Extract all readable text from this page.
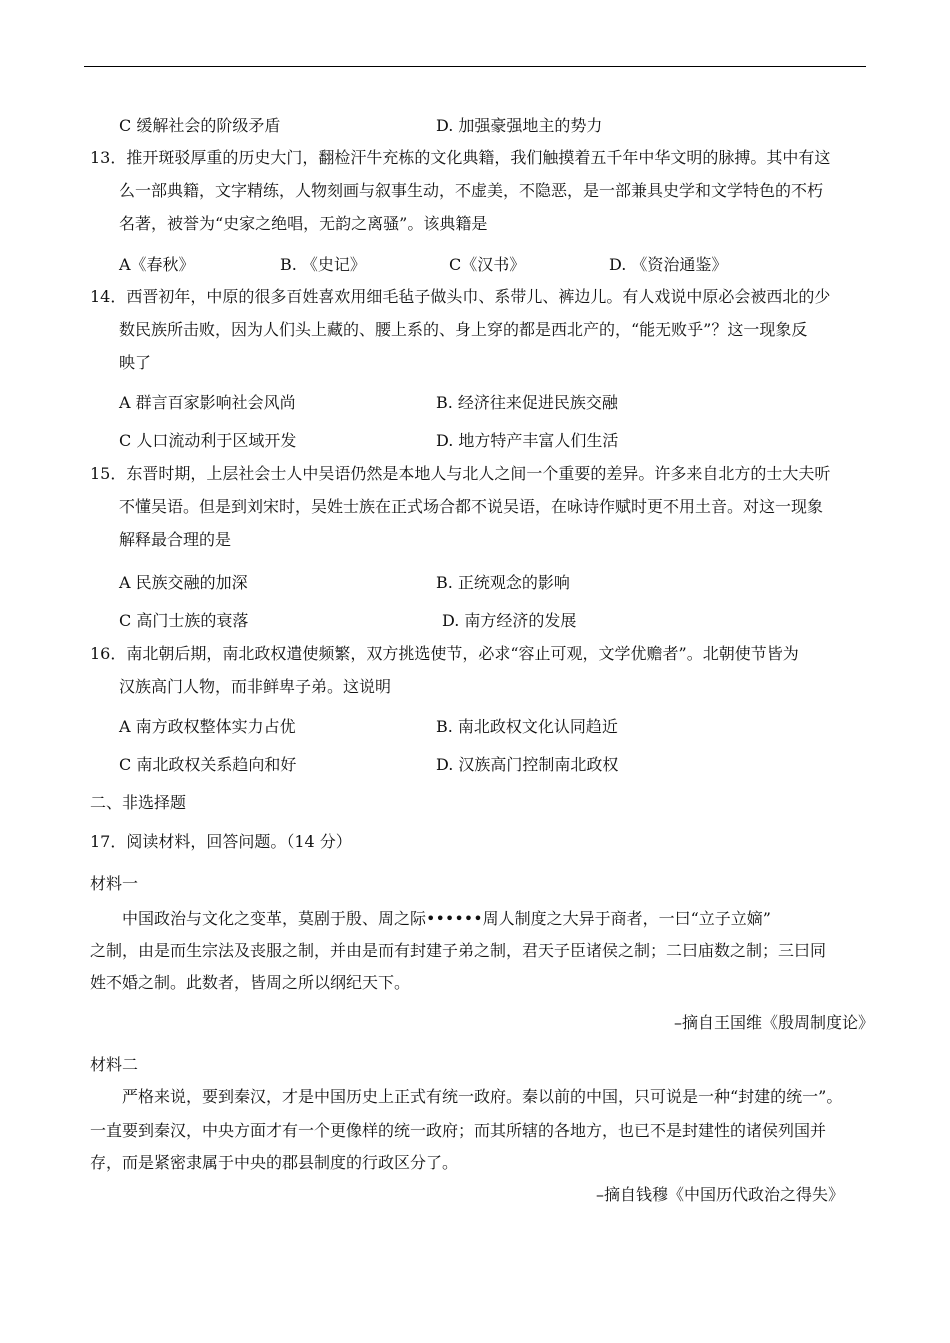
C 缓解社会的阶级矛盾	D. 加强豪强地主的势力
13．推开斑驳厚重的历史大门，翻检汗牛充栋的文化典籍，我们触摸着五千年中华文明的脉搏。其中有这
么一部典籍，文字精练，人物刻画与叙事生动，不虚美，不隐恶，是一部兼具史学和文学特色的不朽
名著，被誉为“史家之绝唱，无韵之离骚”。该典籍是
A《春秋》	B. 《史记》	C《汉书》	D. 《资治通鉴》
14．西晋初年，中原的很多百姓喜欢用细毛毡子做头巾、系带儿、裤边儿。有人戏说中原必会被西北的少
数民族所击败，因为人们头上藏的、腰上系的、身上穿的都是西北产的，“能无败乎”？这一现象反
映了
A 群言百家影响社会风尚	B. 经济往来促进民族交融
C 人口流动利于区域开发	D. 地方特产丰富人们生活
15．东晋时期，上层社会士人中吴语仍然是本地人与北人之间一个重要的差异。许多来自北方的士大夫听
不懂吴语。但是到刘宋时，吴姓士族在正式场合都不说吴语，在咏诗作赋时更不用土音。对这一现象
解释最合理的是
A 民族交融的加深	B. 正统观念的影响
C 高门士族的衰落	D. 南方经济的发展
16．南北朝后期，南北政权遣使频繁，双方挑选使节，必求“容止可观，文学优赡者”。北朝使节皆为
汉族高门人物，而非鲜卑子弟。这说明
A 南方政权整体实力占优	B. 南北政权文化认同趋近
C 南北政权关系趋向和好	D. 汉族高门控制南北政权
二、非选择题
17．阅读材料，回答问题。（14 分）
材料一
中国政治与文化之变革，莫剧于殷、周之际••••••周人制度之大异于商者，一曰“立子立嫡”
之制，由是而生宗法及丧服之制，并由是而有封建子弟之制，君天子臣诸侯之制；二曰庙数之制；三曰同
姓不婚之制。此数者，皆周之所以纲纪天下。
–摘自王国维《殷周制度论》
材料二
严格来说，要到秦汉，才是中国历史上正式有统一政府。秦以前的中国，只可说是一种“封建的统一”。
一直要到秦汉，中央方面才有一个更像样的统一政府；而其所辖的各地方，也已不是封建性的诸侯列国并
存，而是紧密隶属于中央的郡县制度的行政区分了。
–摘自钱穆《中国历代政治之得失》
